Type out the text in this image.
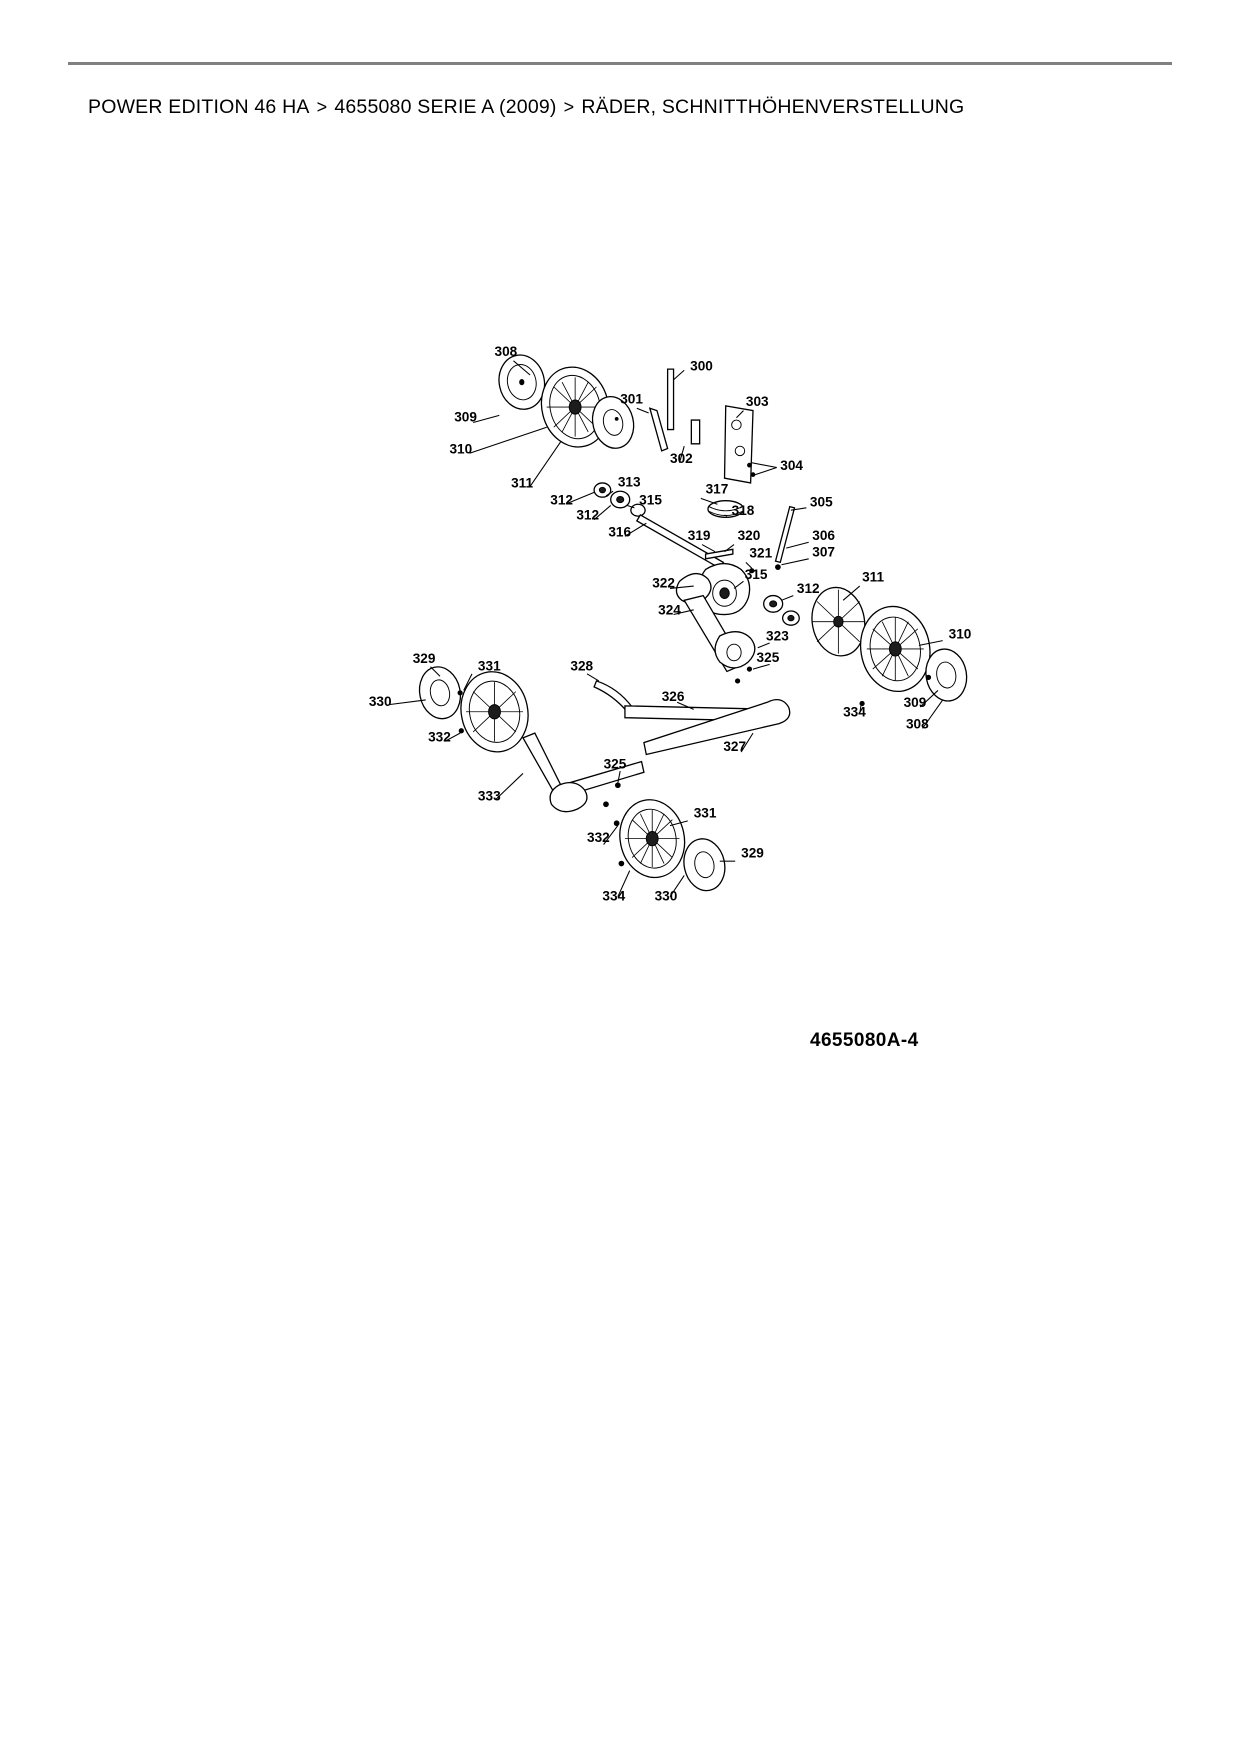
POWER EDITION 46 HA > 4655080 SERIE A (2009) > RÄDER, SCHNITTHÖHENVERSTELLUNG
300
301
302
303
304
305
306
307
308
309
310
311
312
312
313
315
316
317
318
319 320
321
315
322
323
324
325
312
311
310
309
308
334
329
330
331
332
333
328
326
327
325
331
332
334	330
329
4655080A-4
